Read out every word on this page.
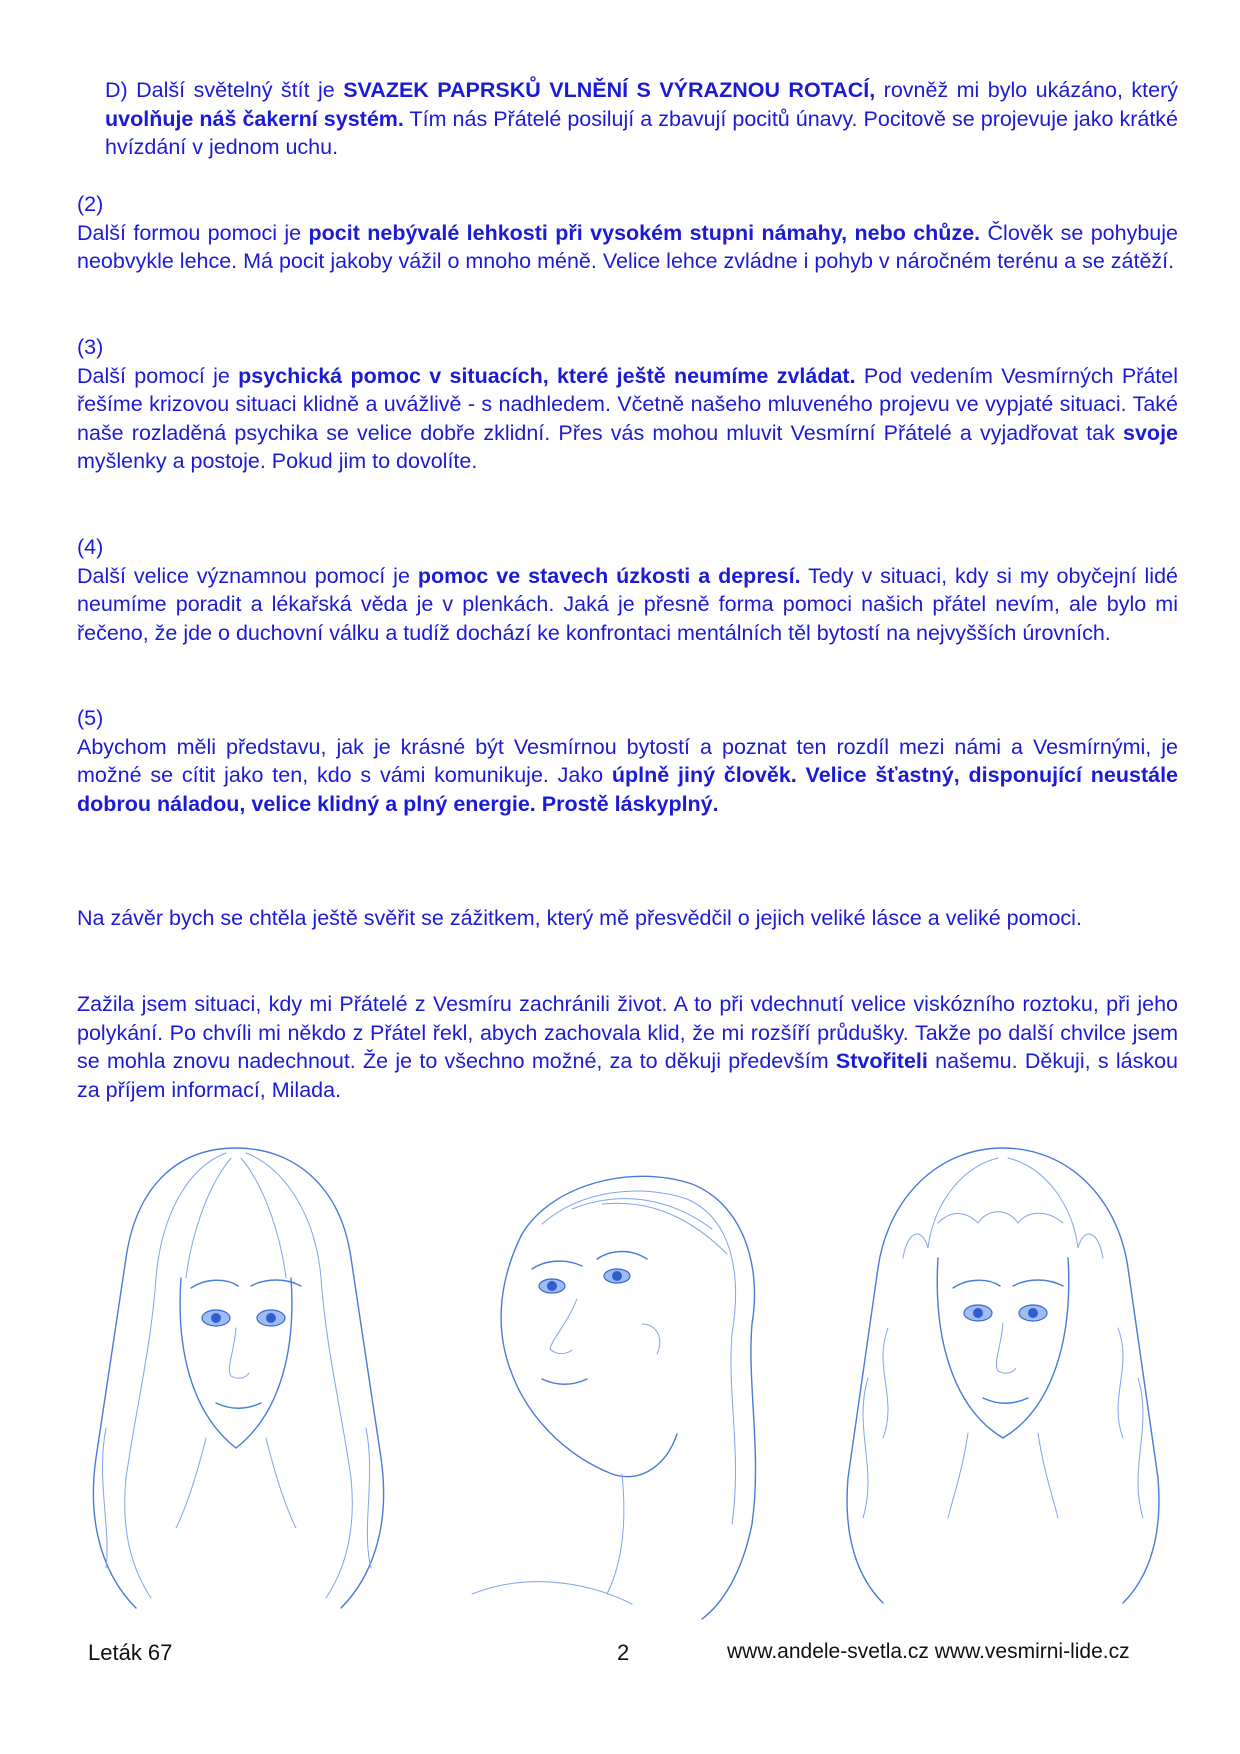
D) Další světelný štít je SVAZEK PAPRSKŮ VLNĚNÍ S VÝRAZNOU ROTACÍ, rovněž mi bylo ukázáno, který uvolňuje náš čakerní systém. Tím nás Přátelé posilují a zbavují pocitů únavy. Pocitově se projevuje jako krátké hvízdání v jednom uchu.

(2)

Další formou pomoci je pocit nebývalé lehkosti při vysokém stupni námahy, nebo chůze. Člověk se pohybuje neobvykle lehce. Má pocit jakoby vážil o mnoho méně. Velice lehce zvládne i pohyb v náročném terénu a se zátěží.

(3)

Další pomocí je psychická pomoc v situacích, které ještě neumíme zvládat. Pod vedením Vesmírných Přátel řešíme krizovou situaci klidně a uvážlivě - s nadhledem. Včetně našeho mluveného projevu ve vypjaté situaci. Také naše rozladěná psychika se velice dobře zklidní. Přes vás mohou mluvit Vesmírní Přátelé a vyjadřovat tak svoje myšlenky a postoje. Pokud jim to dovolíte.

(4)

Další velice významnou pomocí je pomoc ve stavech úzkosti a depresí. Tedy v situaci, kdy si my obyčejní lidé neumíme poradit a lékařská věda je v plenkách. Jaká je přesně forma pomoci našich přátel nevím, ale bylo mi řečeno, že jde o duchovní válku a tudíž dochází ke konfrontaci mentálních těl bytostí na nejvyšších úrovních.

(5)

Abychom měli představu, jak je krásné být Vesmírnou bytostí a poznat ten rozdíl mezi námi a Vesmírnými, je možné se cítit jako ten, kdo s vámi komunikuje. Jako úplně jiný člověk. Velice šťastný, disponující neustále dobrou náladou, velice klidný a plný energie. Prostě láskyplný.

Na závěr bych se chtěla ještě svěřit se zážitkem, který mě přesvědčil o jejich veliké lásce a veliké pomoci.

Zažila jsem situaci, kdy mi Přátelé z Vesmíru zachránili život. A to při vdechnutí velice viskózního roztoku, při jeho polykání. Po chvíli mi někdo z Přátel řekl, abych zachovala klid, že mi rozšíří průdušky. Takže po další chvilce jsem se mohla znovu nadechnout. Že je to všechno možné, za to děkuji především Stvořiteli našemu. Děkuji, s láskou za příjem informací, Milada.

Leták 67	2	www.andele-svetla.cz www.vesmirni-lide.cz
